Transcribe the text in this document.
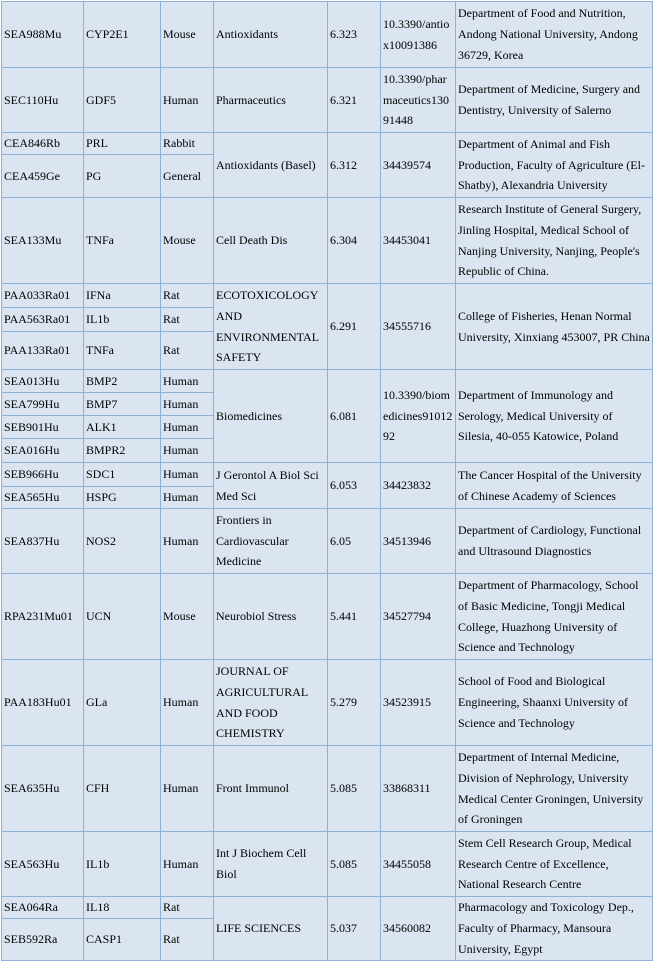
SEA988Mu	CYP2E1	Mouse	Antioxidants	6.323	10.3390/antiox10091386	Department of Food and Nutrition, Andong National University, Andong 36729, Korea
SEC110Hu	GDF5	Human	Pharmaceutics	6.321	10.3390/pharmaceutics13091448	Department of Medicine, Surgery and Dentistry, University of Salerno
CEA846Rb	PRL	Rabbit	Antioxidants (Basel)	6.312	34439574	Department of Animal and Fish Production, Faculty of Agriculture (El-Shatby), Alexandria University
CEA459Ge	PG	General				
SEA133Mu	TNFa	Mouse	Cell Death Dis	6.304	34453041	Research Institute of General Surgery, Jinling Hospital, Medical School of Nanjing University, Nanjing, People's Republic of China.
PAA033Ra01	IFNa	Rat	ECOTOXICOLOGY AND ENVIRONMENTAL SAFETY	6.291	34555716	College of Fisheries, Henan Normal University, Xinxiang 453007, PR China
PAA563Ra01	IL1b	Rat				
PAA133Ra01	TNFa	Rat				
SEA013Hu	BMP2	Human	Biomedicines	6.081	10.3390/biomedicines9101292	Department of Immunology and Serology, Medical University of Silesia, 40-055 Katowice, Poland
SEA799Hu	BMP7	Human				
SEB901Hu	ALK1	Human				
SEA016Hu	BMPR2	Human				
SEB966Hu	SDC1	Human	J Gerontol A Biol Sci Med Sci	6.053	34423832	The Cancer Hospital of the University of Chinese Academy of Sciences
SEA565Hu	HSPG	Human				
SEA837Hu	NOS2	Human	Frontiers in Cardiovascular Medicine	6.05	34513946	Department of Cardiology, Functional and Ultrasound Diagnostics
RPA231Mu01	UCN	Mouse	Neurobiol Stress	5.441	34527794	Department of Pharmacology, School of Basic Medicine, Tongji Medical College, Huazhong University of Science and Technology
PAA183Hu01	GLa	Human	JOURNAL OF AGRICULTURAL AND FOOD CHEMISTRY	5.279	34523915	School of Food and Biological Engineering, Shaanxi University of Science and Technology
SEA635Hu	CFH	Human	Front Immunol	5.085	33868311	Department of Internal Medicine, Division of Nephrology, University Medical Center Groningen, University of Groningen
SEA563Hu	IL1b	Human	Int J Biochem Cell Biol	5.085	34455058	Stem Cell Research Group, Medical Research Centre of Excellence, National Research Centre
SEA064Ra	IL18	Rat	LIFE SCIENCES	5.037	34560082	Pharmacology and Toxicology Dep., Faculty of Pharmacy, Mansoura University, Egypt
SEB592Ra	CASP1	Rat				
